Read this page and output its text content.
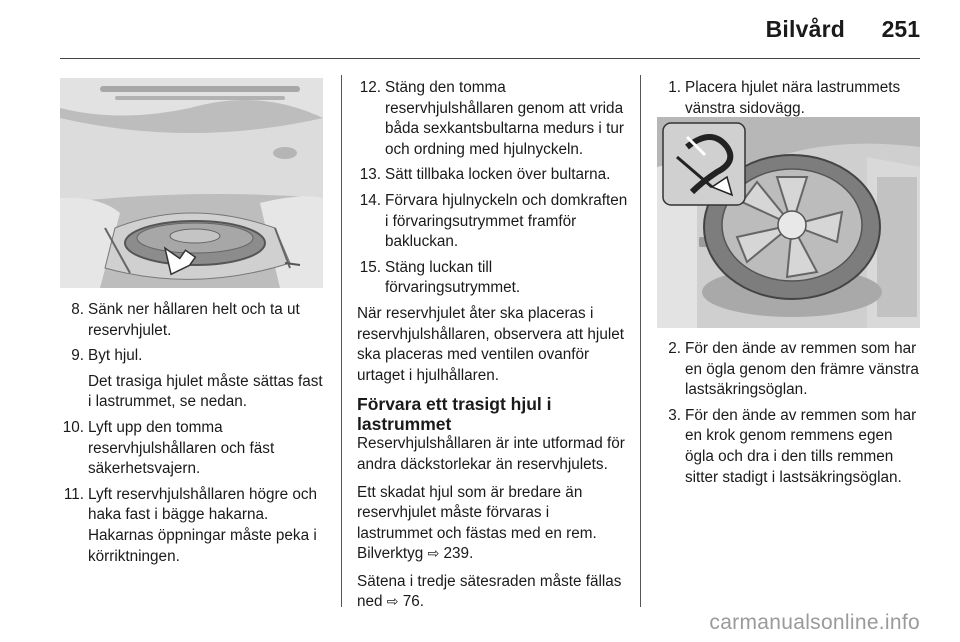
Bilvård 251
8. Sänk ner hållaren helt och ta ut reservhjulet.
9. Byt hjul.
Det trasiga hjulet måste sättas fast i lastrummet, se nedan.
10. Lyft upp den tomma reservhjulshållaren och fäst säkerhetsvajern.
11. Lyft reservhjulshållaren högre och haka fast i bägge hakarna. Hakarnas öppningar måste peka i körriktningen.
12. Stäng den tomma reservhjulshållaren genom att vrida båda sexkantsbultarna medurs i tur och ordning med hjulnyckeln.
13. Sätt tillbaka locken över bultarna.
14. Förvara hjulnyckeln och domkraften i förvaringsutrymmet framför bakluckan.
15. Stäng luckan till förvaringsutrymmet.

När reservhjulet åter ska placeras i reservhjulshållaren, observera att hjulet ska placeras med ventilen ovanför urtaget i hjulhållaren.

Förvara ett trasigt hjul i lastrummet

Reservhjulshållaren är inte utformad för andra däckstorlekar än reservhjulets.

Ett skadat hjul som är bredare än reservhjulet måste förvaras i lastrummet och fästas med en rem. Bilverktyg ⇨ 239.

Sätena i tredje sätesraden måste fällas ned ⇨ 76.

1. Placera hjulet nära lastrummets vänstra sidovägg.
2. För den ände av remmen som har en ögla genom den främre vänstra lastsäkringsöglan.
3. För den ände av remmen som har en krok genom remmens egen ögla och dra i den tills remmen sitter stadigt i lastsäkringsöglan.
carmanualsonline.info
